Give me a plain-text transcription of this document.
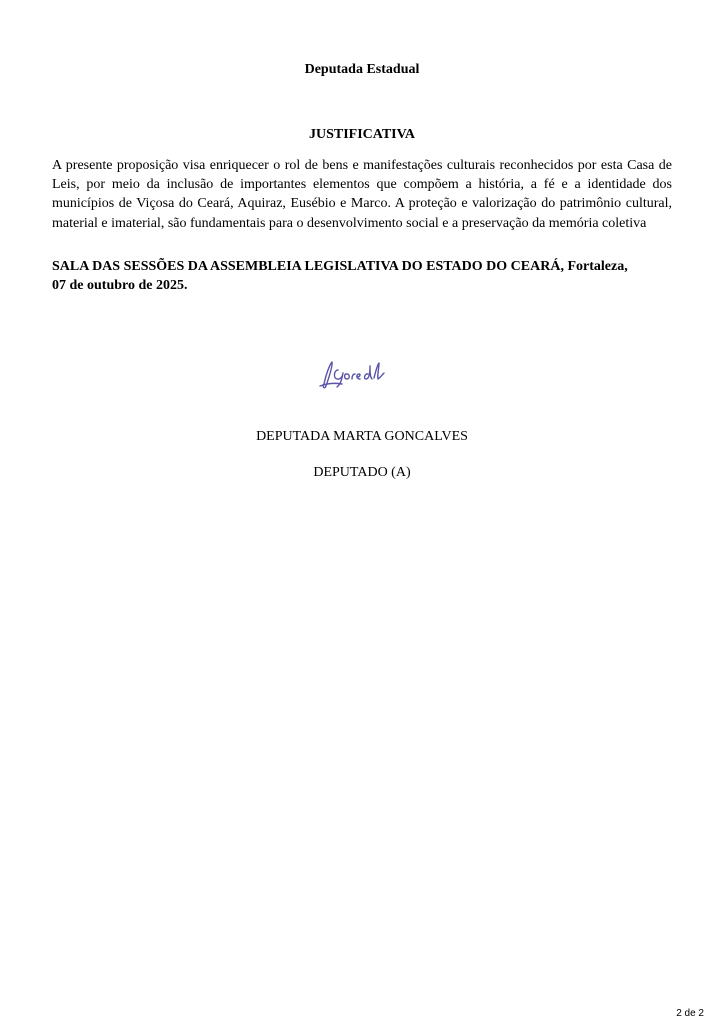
Deputada Estadual
JUSTIFICATIVA

A presente proposição visa enriquecer o rol de bens e manifestações culturais reconhecidos por esta Casa de Leis, por meio da inclusão de importantes elementos que compõem a história, a fé e a identidade dos municípios de Viçosa do Ceará, Aquiraz, Eusébio e Marco. A proteção e valorização do patrimônio cultural, material e imaterial, são fundamentais para o desenvolvimento social e a preservação da memória coletiva

SALA DAS SESSÕES DA ASSEMBLEIA LEGISLATIVA DO ESTADO DO CEARÁ, Fortaleza,
07 de outubro de 2025.

DEPUTADA MARTA GONCALVES
DEPUTADO (A)
2 de 2
